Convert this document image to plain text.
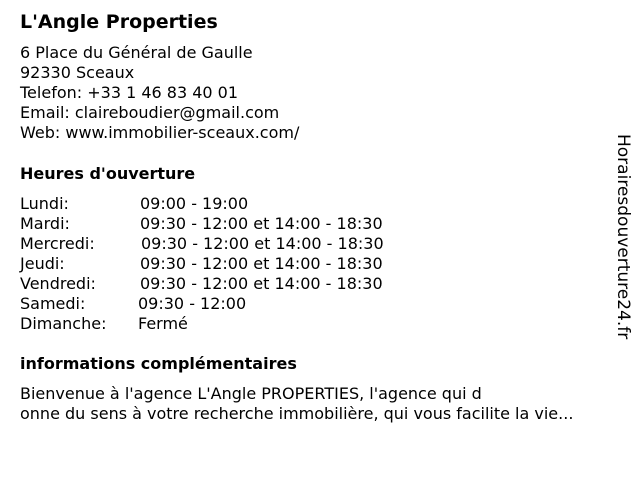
L'Angle Properties
6 Place du Général de Gaulle
92330 Sceaux
Telefon: +33 1 46 83 40 01
Email: claireboudier@gmail.com
Web: www.immobilier-sceaux.com/
Heures d'ouverture
Lundi:	09:00 - 19:00
Mardi:	09:30 - 12:00 et 14:00 - 18:30
Mercredi:	09:30 - 12:00 et 14:00 - 18:30
Jeudi:	09:30 - 12:00 et 14:00 - 18:30
Vendredi:	09:30 - 12:00 et 14:00 - 18:30
Samedi:	09:30 - 12:00
Dimanche: Fermé
informations complémentaires
Bienvenue à l'agence L'Angle PROPERTIES, l'agence qui d
onne du sens à votre recherche immobilière, qui vous facilite la vie...
Horairesdouverture24.fr
